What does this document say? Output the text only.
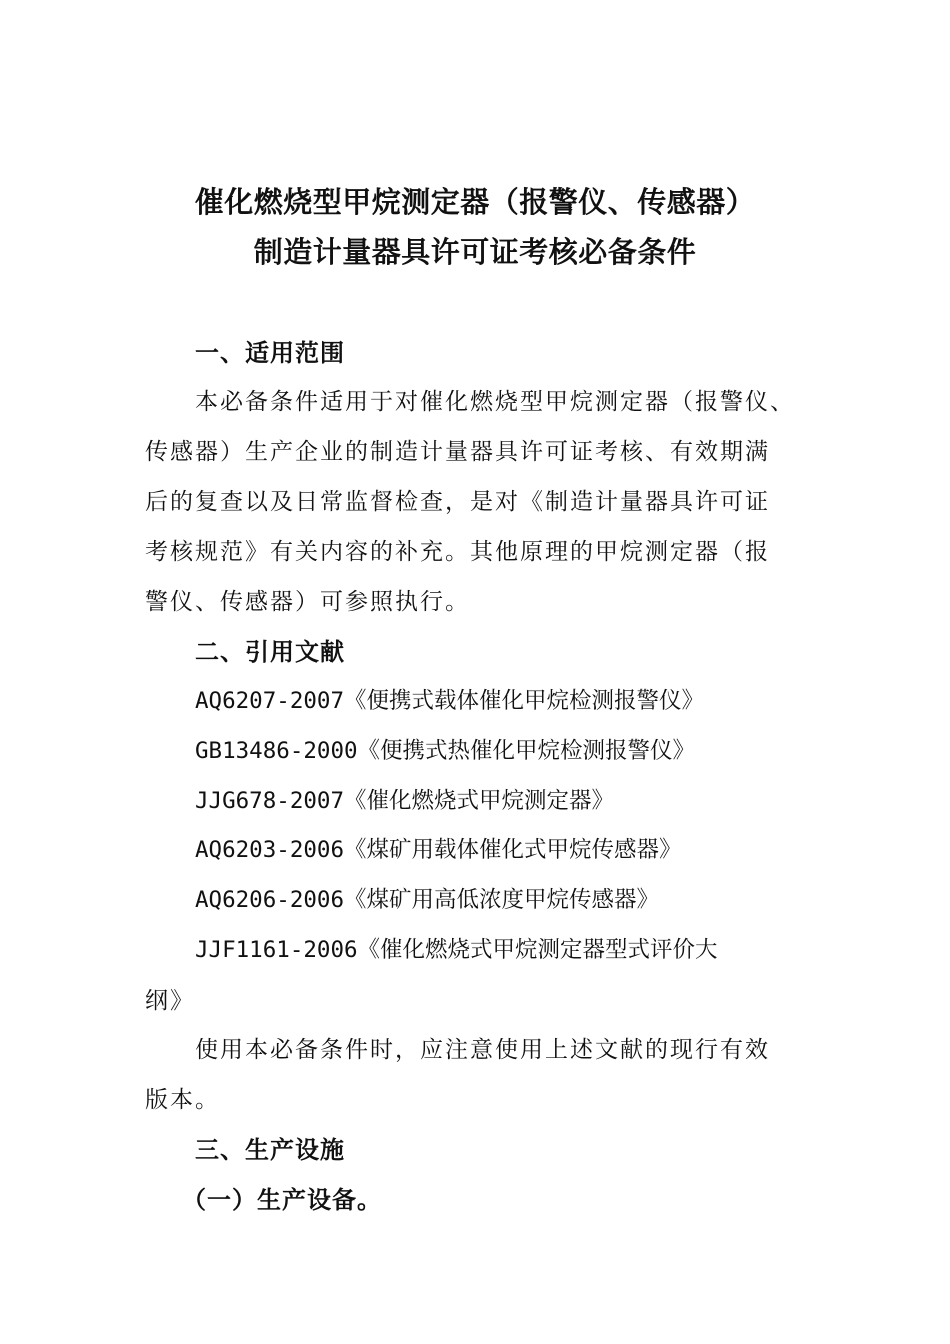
催化燃烧型甲烷测定器（报警仪、传感器）
制造计量器具许可证考核必备条件
一、适用范围
本必备条件适用于对催化燃烧型甲烷测定器（报警仪、
传感器）生产企业的制造计量器具许可证考核、有效期满
后的复查以及日常监督检查，是对《制造计量器具许可证
考核规范》有关内容的补充。其他原理的甲烷测定器（报
警仪、传感器）可参照执行。
二、引用文献
AQ6207-2007《便携式载体催化甲烷检测报警仪》
GB13486-2000《便携式热催化甲烷检测报警仪》
JJG678-2007《催化燃烧式甲烷测定器》
AQ6203-2006《煤矿用载体催化式甲烷传感器》
AQ6206-2006《煤矿用高低浓度甲烷传感器》
JJF1161-2006《催化燃烧式甲烷测定器型式评价大
纲》
使用本必备条件时，应注意使用上述文献的现行有效
版本。
三、生产设施
（一）生产设备。
